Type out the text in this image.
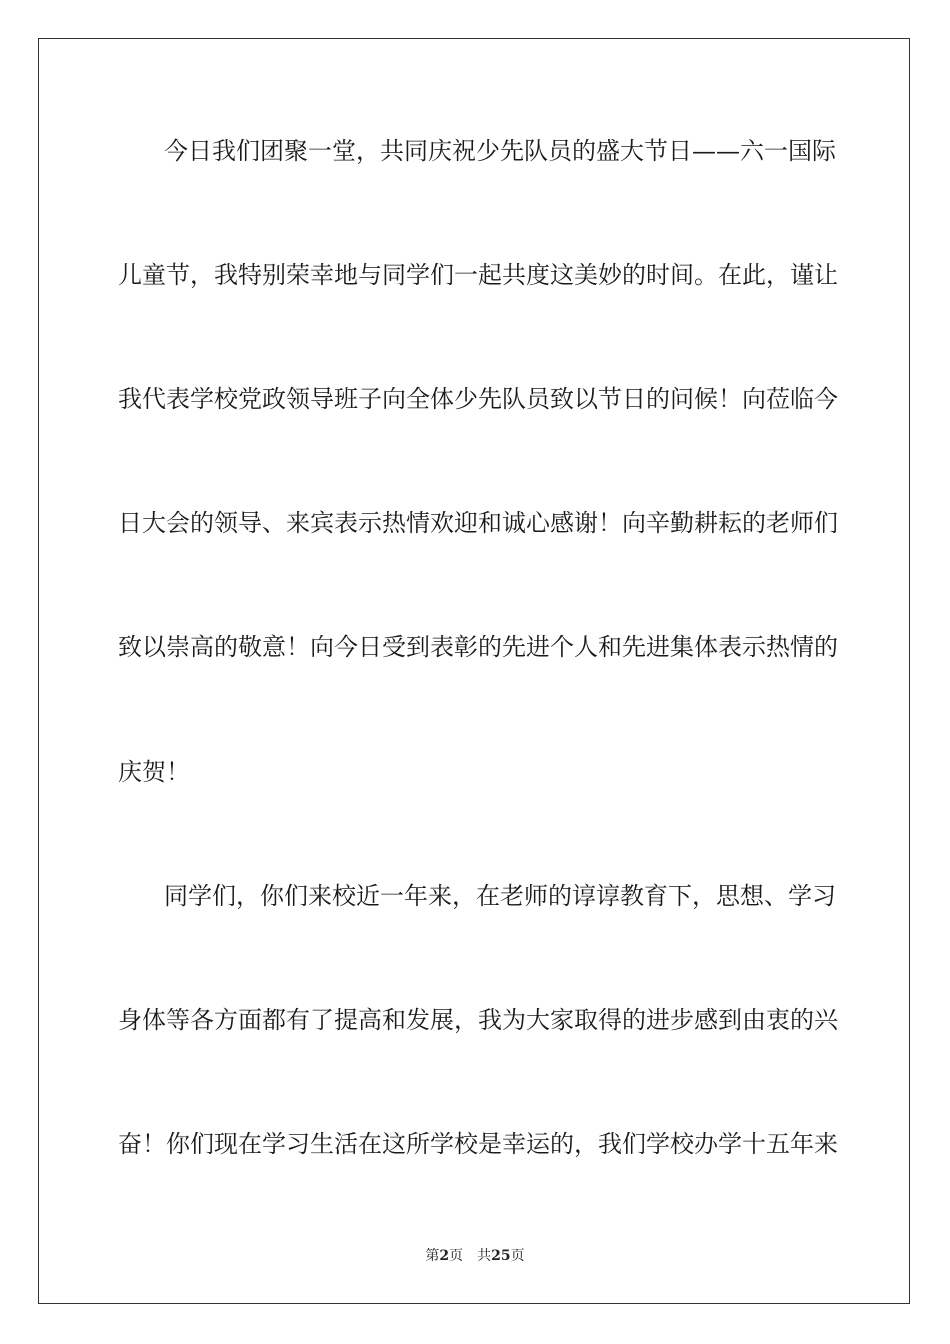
今日我们团聚一堂，共同庆祝少先队员的盛大节日——六一国际
儿童节，我特别荣幸地与同学们一起共度这美妙的时间。在此，谨让
我代表学校党政领导班子向全体少先队员致以节日的问候！向莅临今
日大会的领导、来宾表示热情欢迎和诚心感谢！向辛勤耕耘的老师们
致以崇高的敬意！向今日受到表彰的先进个人和先进集体表示热情的
庆贺！
同学们，你们来校近一年来，在老师的谆谆教育下，思想、学习
身体等各方面都有了提高和发展，我为大家取得的进步感到由衷的兴
奋！你们现在学习生活在这所学校是幸运的，我们学校办学十五年来
第2页 共25页
